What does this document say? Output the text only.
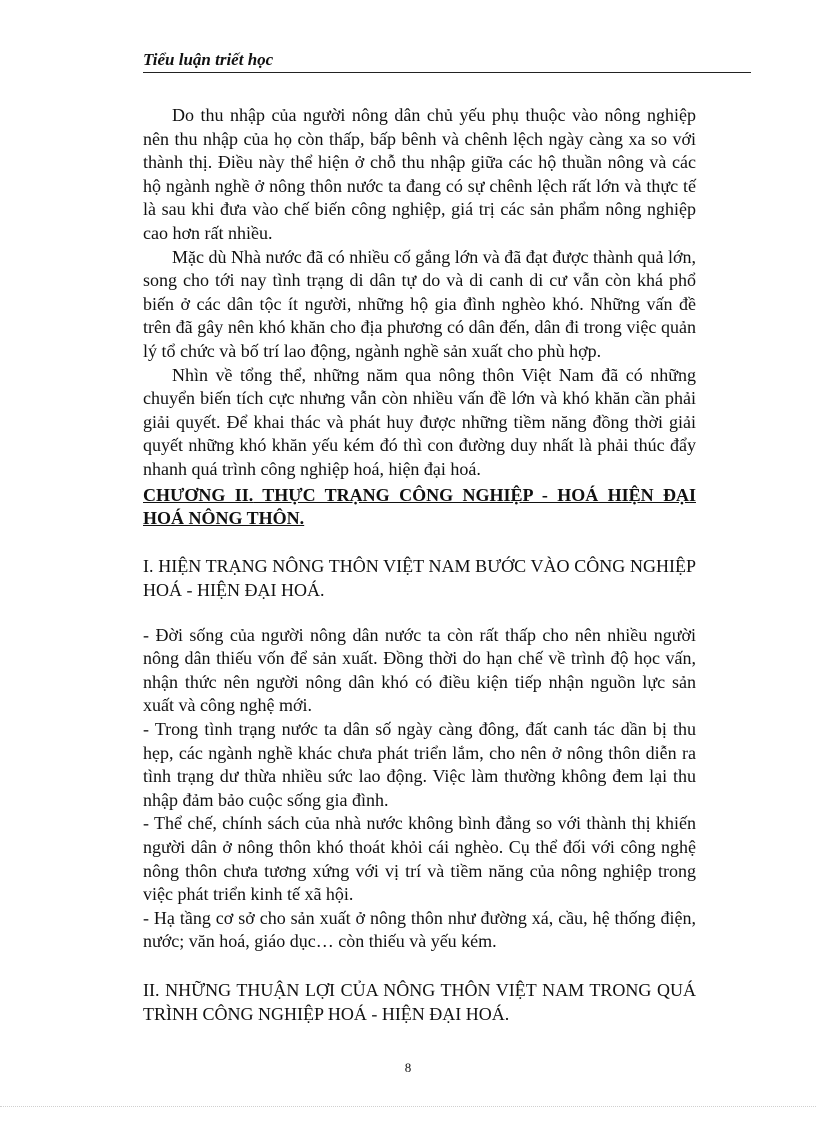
Tiểu luận triết học

Do thu nhập của người nông dân chủ yếu phụ thuộc vào nông nghiệp nên thu nhập của họ còn thấp, bấp bênh và chênh lệch ngày càng xa so với thành thị. Điều này thể hiện ở chỗ thu nhập giữa các hộ thuần nông và các hộ ngành nghề ở nông thôn nước ta đang có sự chênh lệch rất lớn và thực tế là sau khi đưa vào chế biến công nghiệp, giá trị các sản phẩm nông nghiệp cao hơn rất nhiều.

Mặc dù Nhà nước đã có nhiều cố gắng lớn và đã đạt được thành quả lớn, song cho tới nay tình trạng di dân tự do và di canh di cư vẫn còn khá phổ biến ở các dân tộc ít người, những hộ gia đình nghèo khó. Những vấn đề trên đã gây nên khó khăn cho địa phương có dân đến, dân đi trong việc quản lý tổ chức và bố trí lao động, ngành nghề sản xuất cho phù hợp.

Nhìn về tổng thể, những năm qua nông thôn Việt Nam đã có những chuyển biến tích cực nhưng vẫn còn nhiều vấn đề lớn và khó khăn cần phải giải quyết. Để khai thác và phát huy được những tiềm năng đồng thời giải quyết những khó khăn yếu kém đó thì con đường duy nhất là phải thúc đẩy nhanh quá trình công nghiệp hoá, hiện đại hoá.

CHƯƠNG II. THỰC TRẠNG CÔNG NGHIỆP - HOÁ HIỆN ĐẠI HOÁ NÔNG THÔN.

I. HIỆN TRẠNG NÔNG THÔN VIỆT NAM BƯỚC VÀO CÔNG NGHIỆP HOÁ - HIỆN ĐẠI HOÁ.

- Đời sống của người nông dân nước ta còn rất thấp cho nên nhiều người nông dân thiếu vốn để sản xuất. Đồng thời do hạn chế về trình độ học vấn, nhận thức nên người nông dân khó có điều kiện tiếp nhận nguồn lực sản xuất và công nghệ mới.

- Trong tình trạng nước ta dân số ngày càng đông, đất canh tác dần bị thu hẹp, các ngành nghề khác chưa phát triển lắm, cho nên ở nông thôn diễn ra tình trạng dư thừa nhiều sức lao động. Việc làm thường không đem lại thu nhập đảm bảo cuộc sống gia đình.

- Thể chế, chính sách của nhà nước không bình đẳng so với thành thị khiến người dân ở nông thôn khó thoát khỏi cái nghèo. Cụ thể đối với công nghệ nông thôn chưa tương xứng với vị trí và tiềm năng của nông nghiệp trong việc phát triển kinh tế xã hội.

- Hạ tầng cơ sở cho sản xuất ở nông thôn như đường xá, cầu, hệ thống điện, nước; văn hoá, giáo dục… còn thiếu và yếu kém.

II. NHỮNG THUẬN LỢI CỦA NÔNG THÔN VIỆT NAM TRONG QUÁ TRÌNH CÔNG NGHIỆP HOÁ - HIỆN ĐẠI HOÁ.

8
